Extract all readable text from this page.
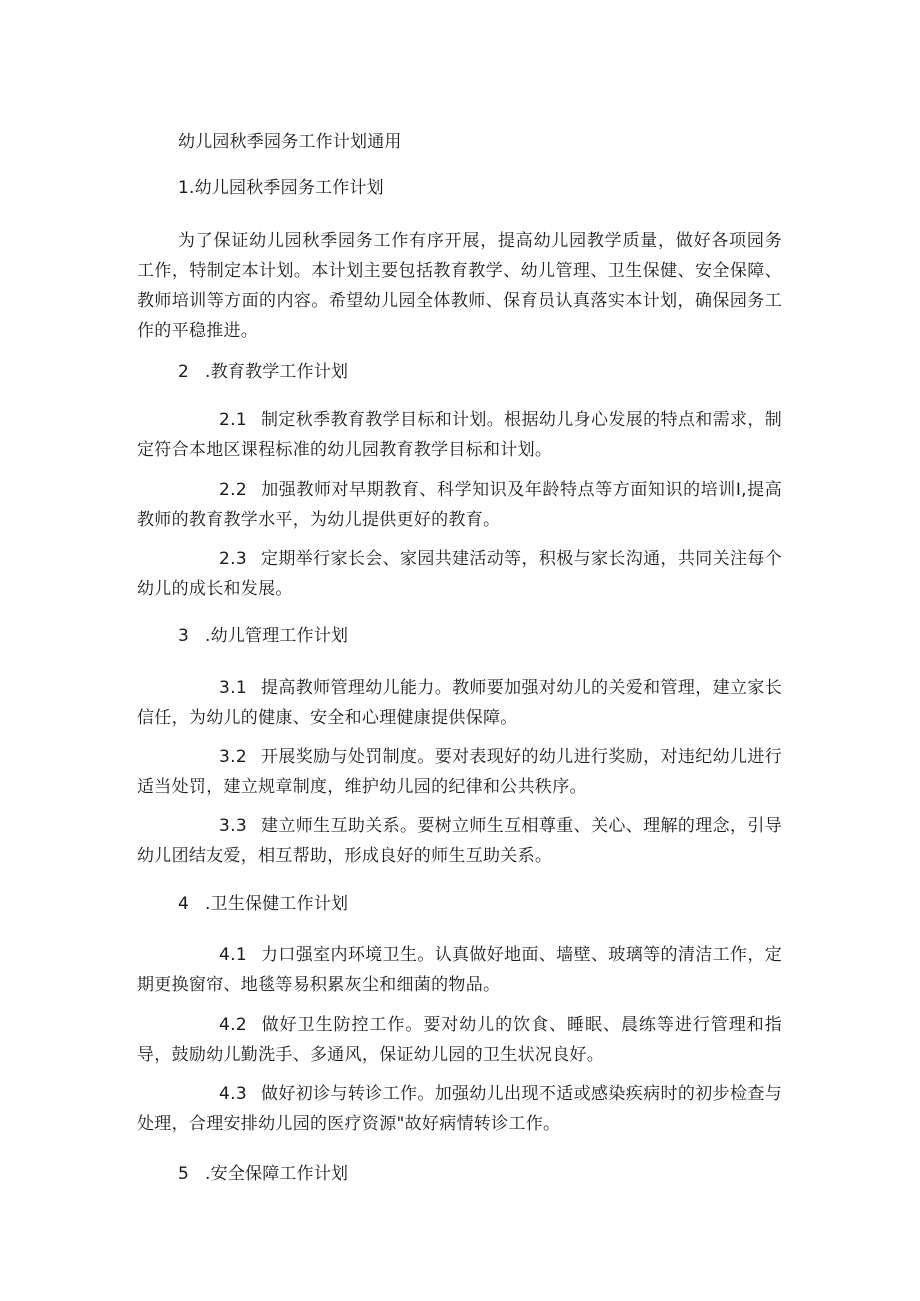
幼儿园秋季园务工作计划通用
1.幼儿园秋季园务工作计划
为了保证幼儿园秋季园务工作有序开展，提高幼儿园教学质量，做好各项园务工作，特制定本计划。本计划主要包括教育教学、幼儿管理、卫生保健、安全保障、教师培训等方面的内容。希望幼儿园全体教师、保育员认真落实本计划，确保园务工作的平稳推进。
2 .教育教学工作计划
2.1 制定秋季教育教学目标和计划。根据幼儿身心发展的特点和需求，制定符合本地区课程标准的幼儿园教育教学目标和计划。
2.2 加强教师对早期教育、科学知识及年龄特点等方面知识的培训I,提高教师的教育教学水平，为幼儿提供更好的教育。
2.3 定期举行家长会、家园共建活动等，积极与家长沟通，共同关注每个幼儿的成长和发展。
3 .幼儿管理工作计划
3.1 提高教师管理幼儿能力。教师要加强对幼儿的关爱和管理，建立家长信任，为幼儿的健康、安全和心理健康提供保障。
3.2 开展奖励与处罚制度。要对表现好的幼儿进行奖励，对违纪幼儿进行适当处罚，建立规章制度，维护幼儿园的纪律和公共秩序。
3.3 建立师生互助关系。要树立师生互相尊重、关心、理解的理念，引导幼儿团结友爱，相互帮助，形成良好的师生互助关系。
4 .卫生保健工作计划
4.1 力口强室内环境卫生。认真做好地面、墙壁、玻璃等的清洁工作，定期更换窗帘、地毯等易积累灰尘和细菌的物品。
4.2 做好卫生防控工作。要对幼儿的饮食、睡眠、晨练等进行管理和指导，鼓励幼儿勤洗手、多通风，保证幼儿园的卫生状况良好。
4.3 做好初诊与转诊工作。加强幼儿出现不适或感染疾病时的初步检查与处理，合理安排幼儿园的医疗资源"故好病情转诊工作。
5 .安全保障工作计划
